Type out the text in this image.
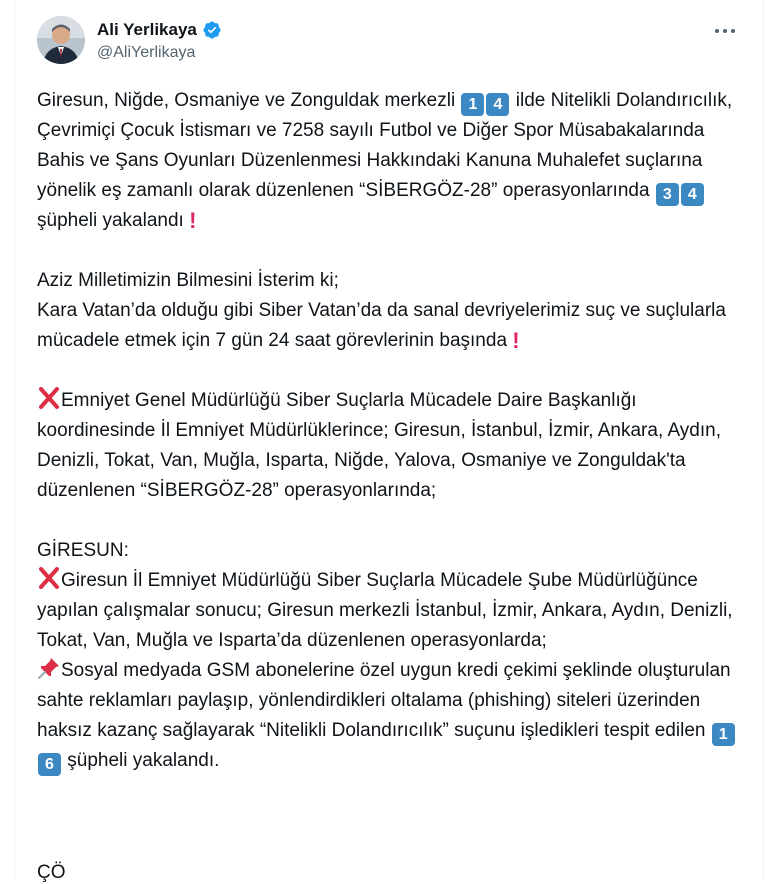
Ali Yerlikaya
@AliYerlikaya

Giresun, Niğde, Osmaniye ve Zonguldak merkezli 1 4 ilde Nitelikli Dolandırıcılık, Çevrimiçi Çocuk İstismarı ve 7258 sayılı Futbol ve Diğer Spor Müsabakalarında Bahis ve Şans Oyunları Düzenlenmesi Hakkındaki Kanuna Muhalefet suçlarına yönelik eş zamanlı olarak düzenlenen “SİBERGÖZ-28” operasyonlarında 3 4 şüpheli yakalandı !

Aziz Milletimizin Bilmesini İsterim ki;
Kara Vatan’da olduğu gibi Siber Vatan’da da sanal devriyelerimiz suç ve suçlularla mücadele etmek için 7 gün 24 saat görevlerinin başında !

Emniyet Genel Müdürlüğü Siber Suçlarla Mücadele Daire Başkanlığı koordinesinde İl Emniyet Müdürlüklerince; Giresun, İstanbul, İzmir, Ankara, Aydın, Denizli, Tokat, Van, Muğla, Isparta, Niğde, Yalova, Osmaniye ve Zonguldak'ta düzenlenen “SİBERGÖZ-28” operasyonlarında;

GİRESUN:
Giresun İl Emniyet Müdürlüğü Siber Suçlarla Mücadele Şube Müdürlüğünce yapılan çalışmalar sonucu; Giresun merkezli İstanbul, İzmir, Ankara, Aydın, Denizli, Tokat, Van, Muğla ve Isparta’da düzenlenen operasyonlarda;
Sosyal medyada GSM abonelerine özel uygun kredi çekimi şeklinde oluşturulan sahte reklamları paylaşıp, yönlendirdikleri oltalama (phishing) siteleri üzerinden haksız kazanç sağlayarak “Nitelikli Dolandırıcılık” suçunu işledikleri tespit edilen 16 şüpheli yakalandı.

ÇÖ
